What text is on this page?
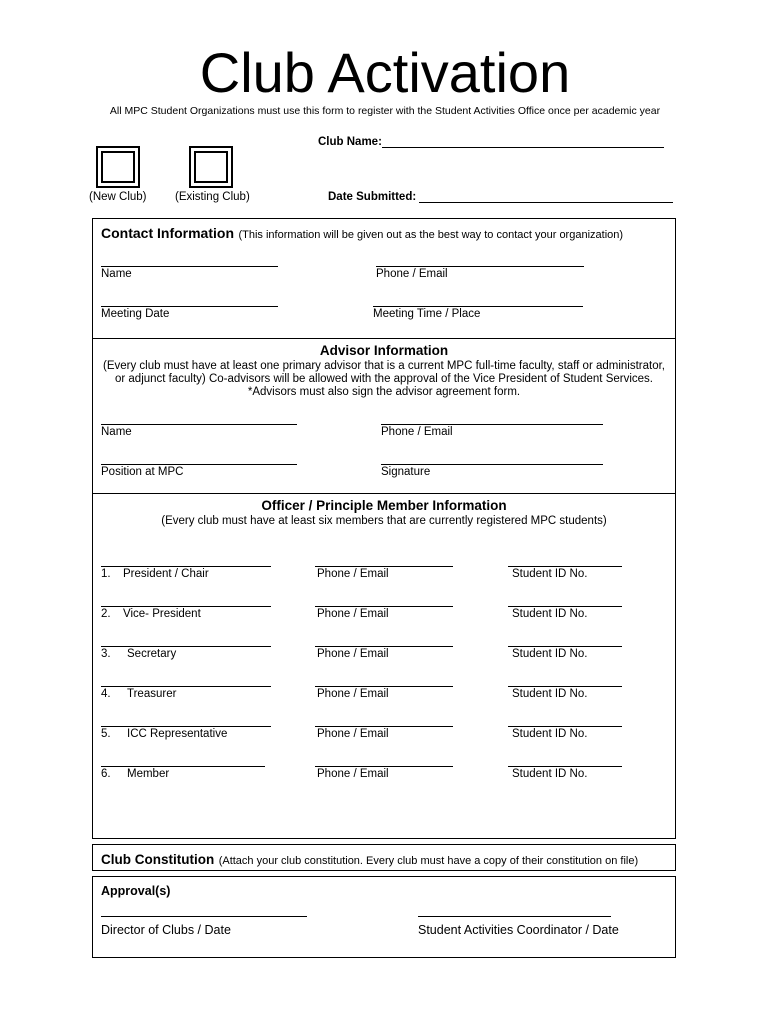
Club Activation
All MPC Student Organizations must use this form to register with the Student Activities Office once per academic year
Club Name:
(New Club) (Existing Club)	Date Submitted:
Contact Information (This information will be given out as the best way to contact your organization)
Name	Phone / Email
Meeting Date	Meeting Time / Place
Advisor Information
(Every club must have at least one primary advisor that is a current MPC full-time faculty, staff or administrator,
or adjunct faculty) Co-advisors will be allowed with the approval of the Vice President of Student Services.
*Advisors must also sign the advisor agreement form.
Name	Phone / Email
Position at MPC	Signature
Officer / Principle Member Information
(Every club must have at least six members that are currently registered MPC students)
1. President / Chair	Phone / Email	Student ID No.
2. Vice- President	Phone / Email	Student ID No.
3. Secretary	Phone / Email	Student ID No.
4. Treasurer	Phone / Email	Student ID No.
5. ICC Representative	Phone / Email	Student ID No.
6. Member	Phone / Email	Student ID No.
Club Constitution (Attach your club constitution. Every club must have a copy of their constitution on file)
Approval(s)
Director of Clubs / Date	Student Activities Coordinator / Date
